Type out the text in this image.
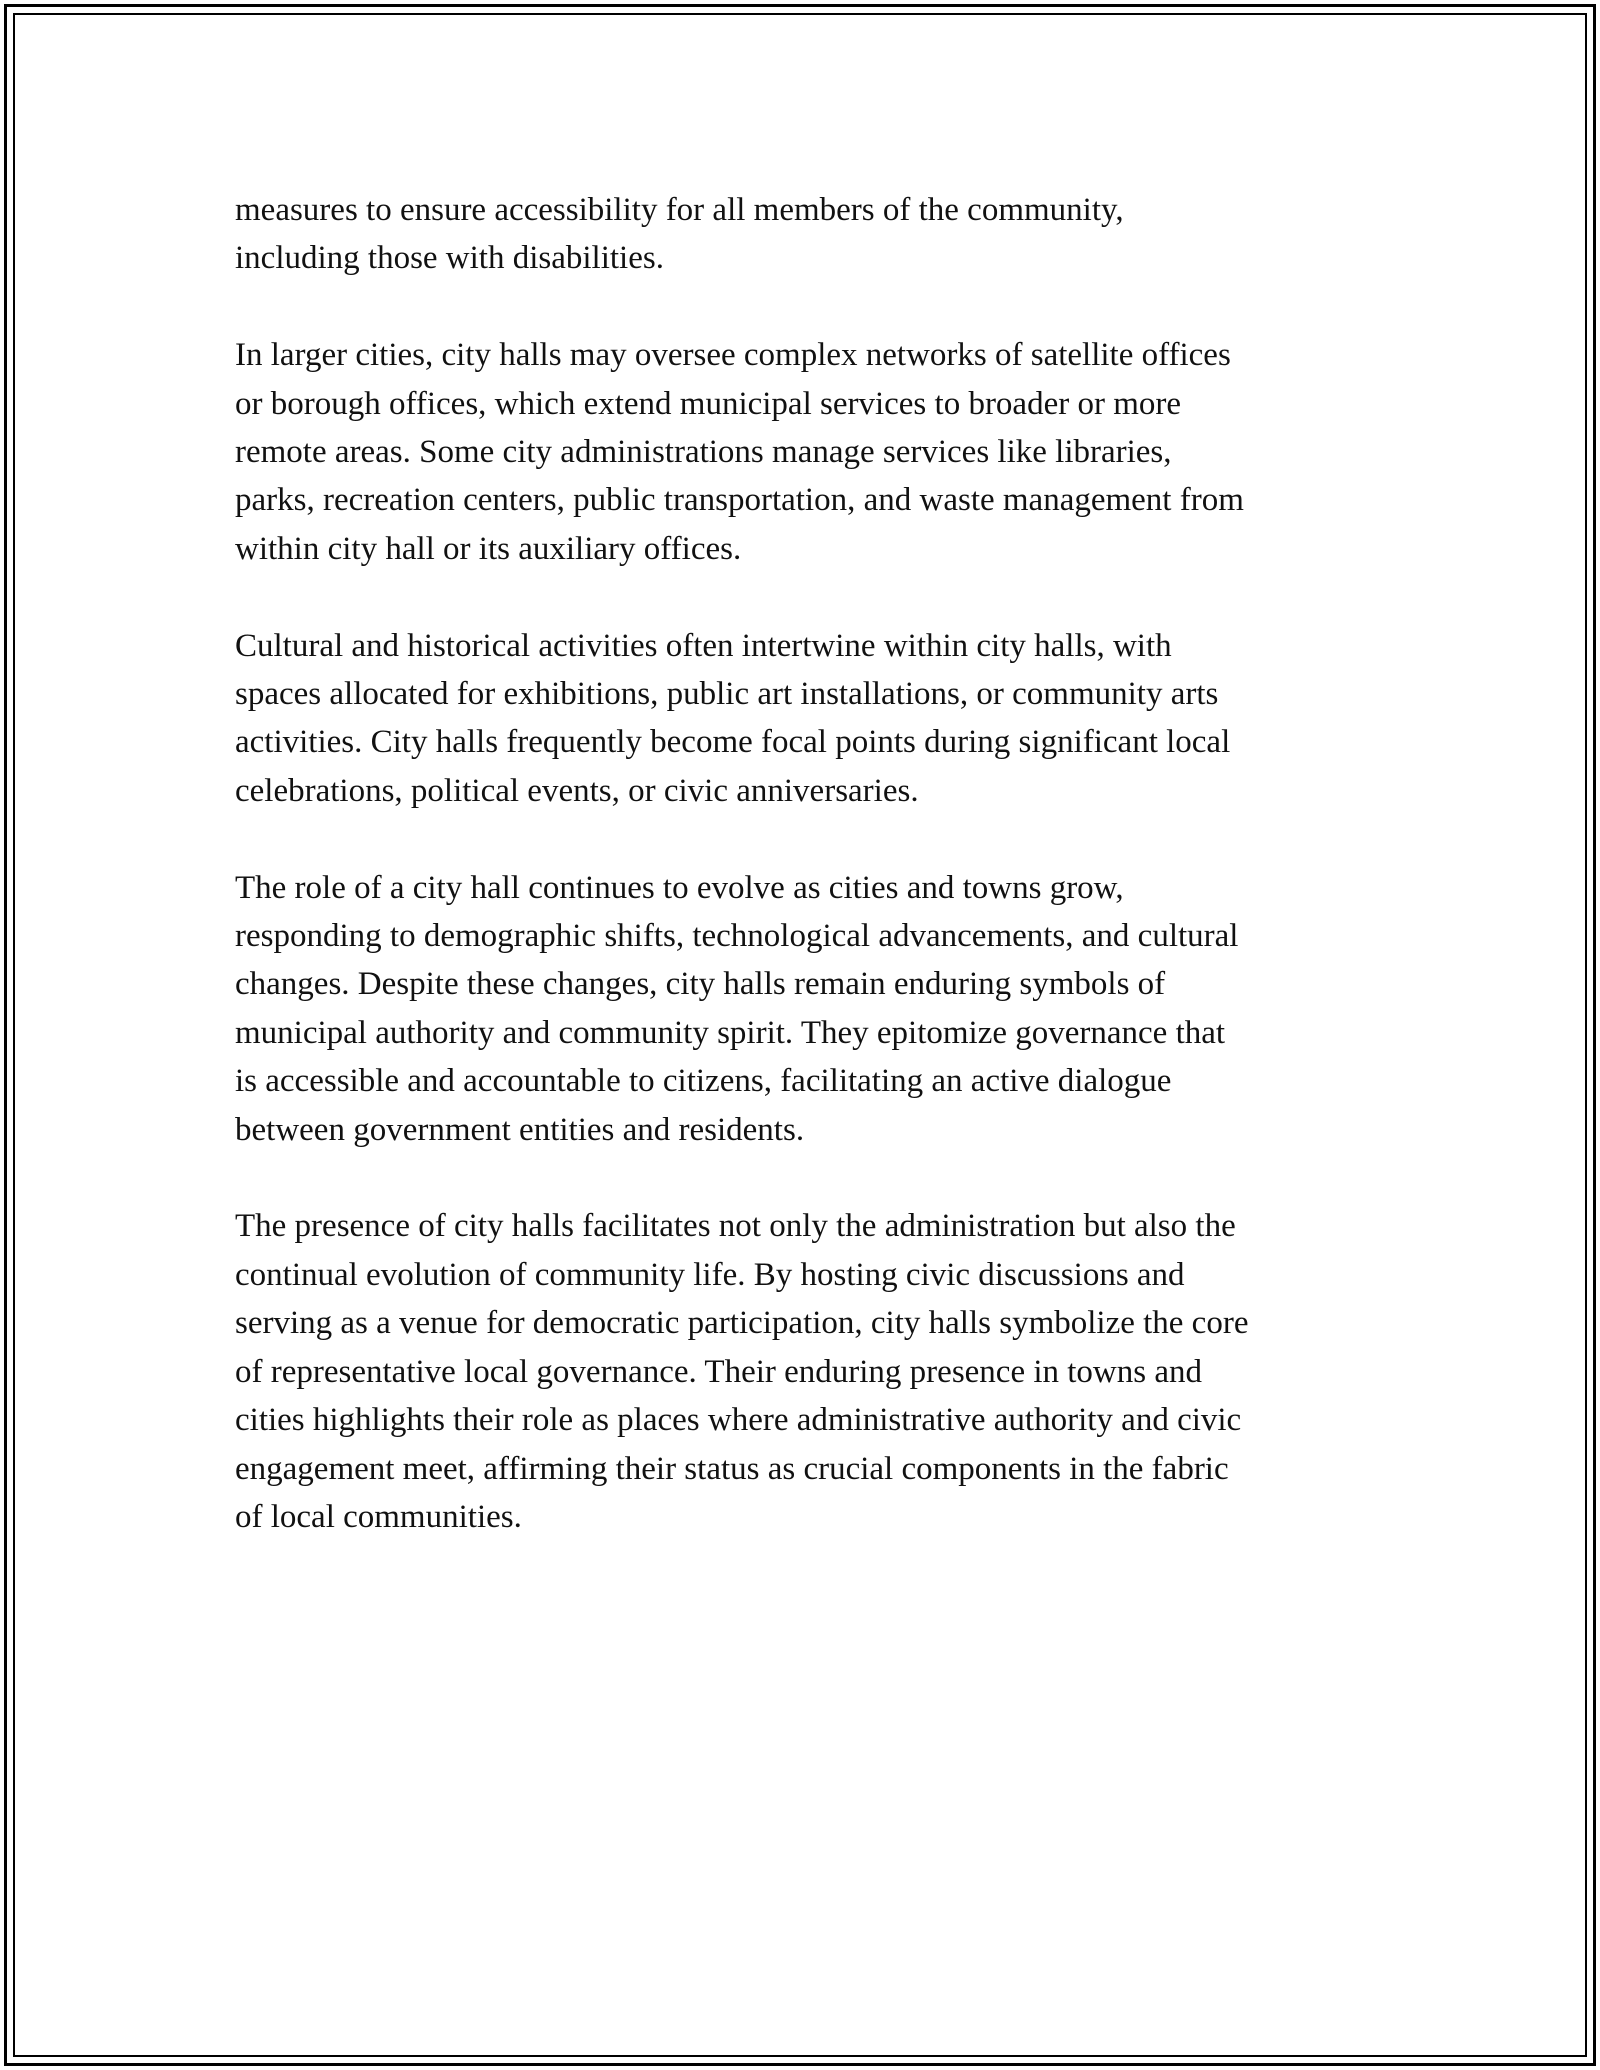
measures to ensure accessibility for all members of the community,
including those with disabilities.

In larger cities, city halls may oversee complex networks of satellite offices
or borough offices, which extend municipal services to broader or more
remote areas. Some city administrations manage services like libraries,
parks, recreation centers, public transportation, and waste management from
within city hall or its auxiliary offices.

Cultural and historical activities often intertwine within city halls, with
spaces allocated for exhibitions, public art installations, or community arts
activities. City halls frequently become focal points during significant local
celebrations, political events, or civic anniversaries.

The role of a city hall continues to evolve as cities and towns grow,
responding to demographic shifts, technological advancements, and cultural
changes. Despite these changes, city halls remain enduring symbols of
municipal authority and community spirit. They epitomize governance that
is accessible and accountable to citizens, facilitating an active dialogue
between government entities and residents.

The presence of city halls facilitates not only the administration but also the
continual evolution of community life. By hosting civic discussions and
serving as a venue for democratic participation, city halls symbolize the core
of representative local governance. Their enduring presence in towns and
cities highlights their role as places where administrative authority and civic
engagement meet, affirming their status as crucial components in the fabric
of local communities.
